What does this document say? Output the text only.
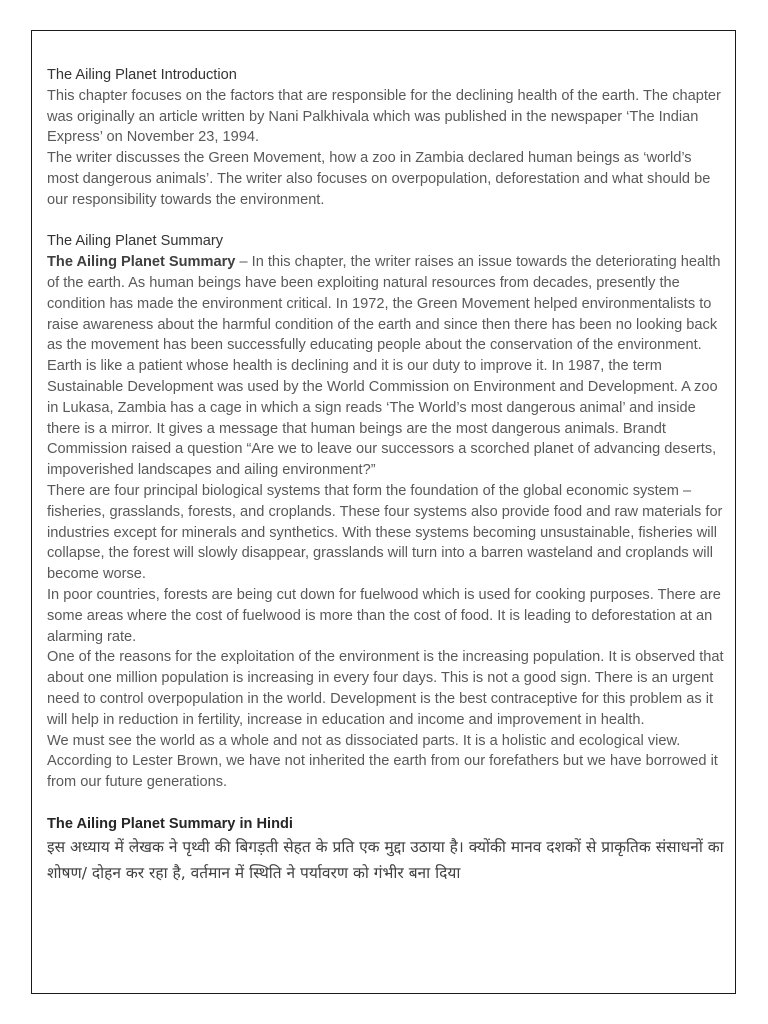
The Ailing Planet Introduction

This chapter focuses on the factors that are responsible for the declining health of the earth. The chapter was originally an article written by Nani Palkhivala which was published in the newspaper ‘The Indian Express’ on November 23, 1994.

The writer discusses the Green Movement, how a zoo in Zambia declared human beings as ‘world’s most dangerous animals’. The writer also focuses on overpopulation, deforestation and what should be our responsibility towards the environment.

The Ailing Planet Summary

The Ailing Planet Summary – In this chapter, the writer raises an issue towards the deteriorating health of the earth. As human beings have been exploiting natural resources from decades, presently the condition has made the environment critical. In 1972, the Green Movement helped environmentalists to raise awareness about the harmful condition of the earth and since then there has been no looking back as the movement has been successfully educating people about the conservation of the environment.

Earth is like a patient whose health is declining and it is our duty to improve it. In 1987, the term Sustainable Development was used by the World Commission on Environment and Development. A zoo in Lukasa, Zambia has a cage in which a sign reads ‘The World’s most dangerous animal’ and inside there is a mirror. It gives a message that human beings are the most dangerous animals. Brandt Commission raised a question “Are we to leave our successors a scorched planet of advancing deserts, impoverished landscapes and ailing environment?”

There are four principal biological systems that form the foundation of the global economic system – fisheries, grasslands, forests, and croplands. These four systems also provide food and raw materials for industries except for minerals and synthetics. With these systems becoming unsustainable, fisheries will collapse, the forest will slowly disappear, grasslands will turn into a barren wasteland and croplands will become worse.

In poor countries, forests are being cut down for fuelwood which is used for cooking purposes. There are some areas where the cost of fuelwood is more than the cost of food. It is leading to deforestation at an alarming rate.

One of the reasons for the exploitation of the environment is the increasing population. It is observed that about one million population is increasing in every four days. This is not a good sign. There is an urgent need to control overpopulation in the world. Development is the best contraceptive for this problem as it will help in reduction in fertility, increase in education and income and improvement in health.

We must see the world as a whole and not as dissociated parts. It is a holistic and ecological view. According to Lester Brown, we have not inherited the earth from our forefathers but we have borrowed it from our future generations.

The Ailing Planet Summary in Hindi

इस अध्याय में लेखक ने पृथ्वी की बिगड़ती सेहत के प्रति एक मुद्दा उठाया है। क्योंकी मानव दशकों से प्राकृतिक संसाधनों का शोषण/ दोहन कर रहा है, वर्तमान में स्थिति ने पर्यावरण को गंभीर बना दिया
